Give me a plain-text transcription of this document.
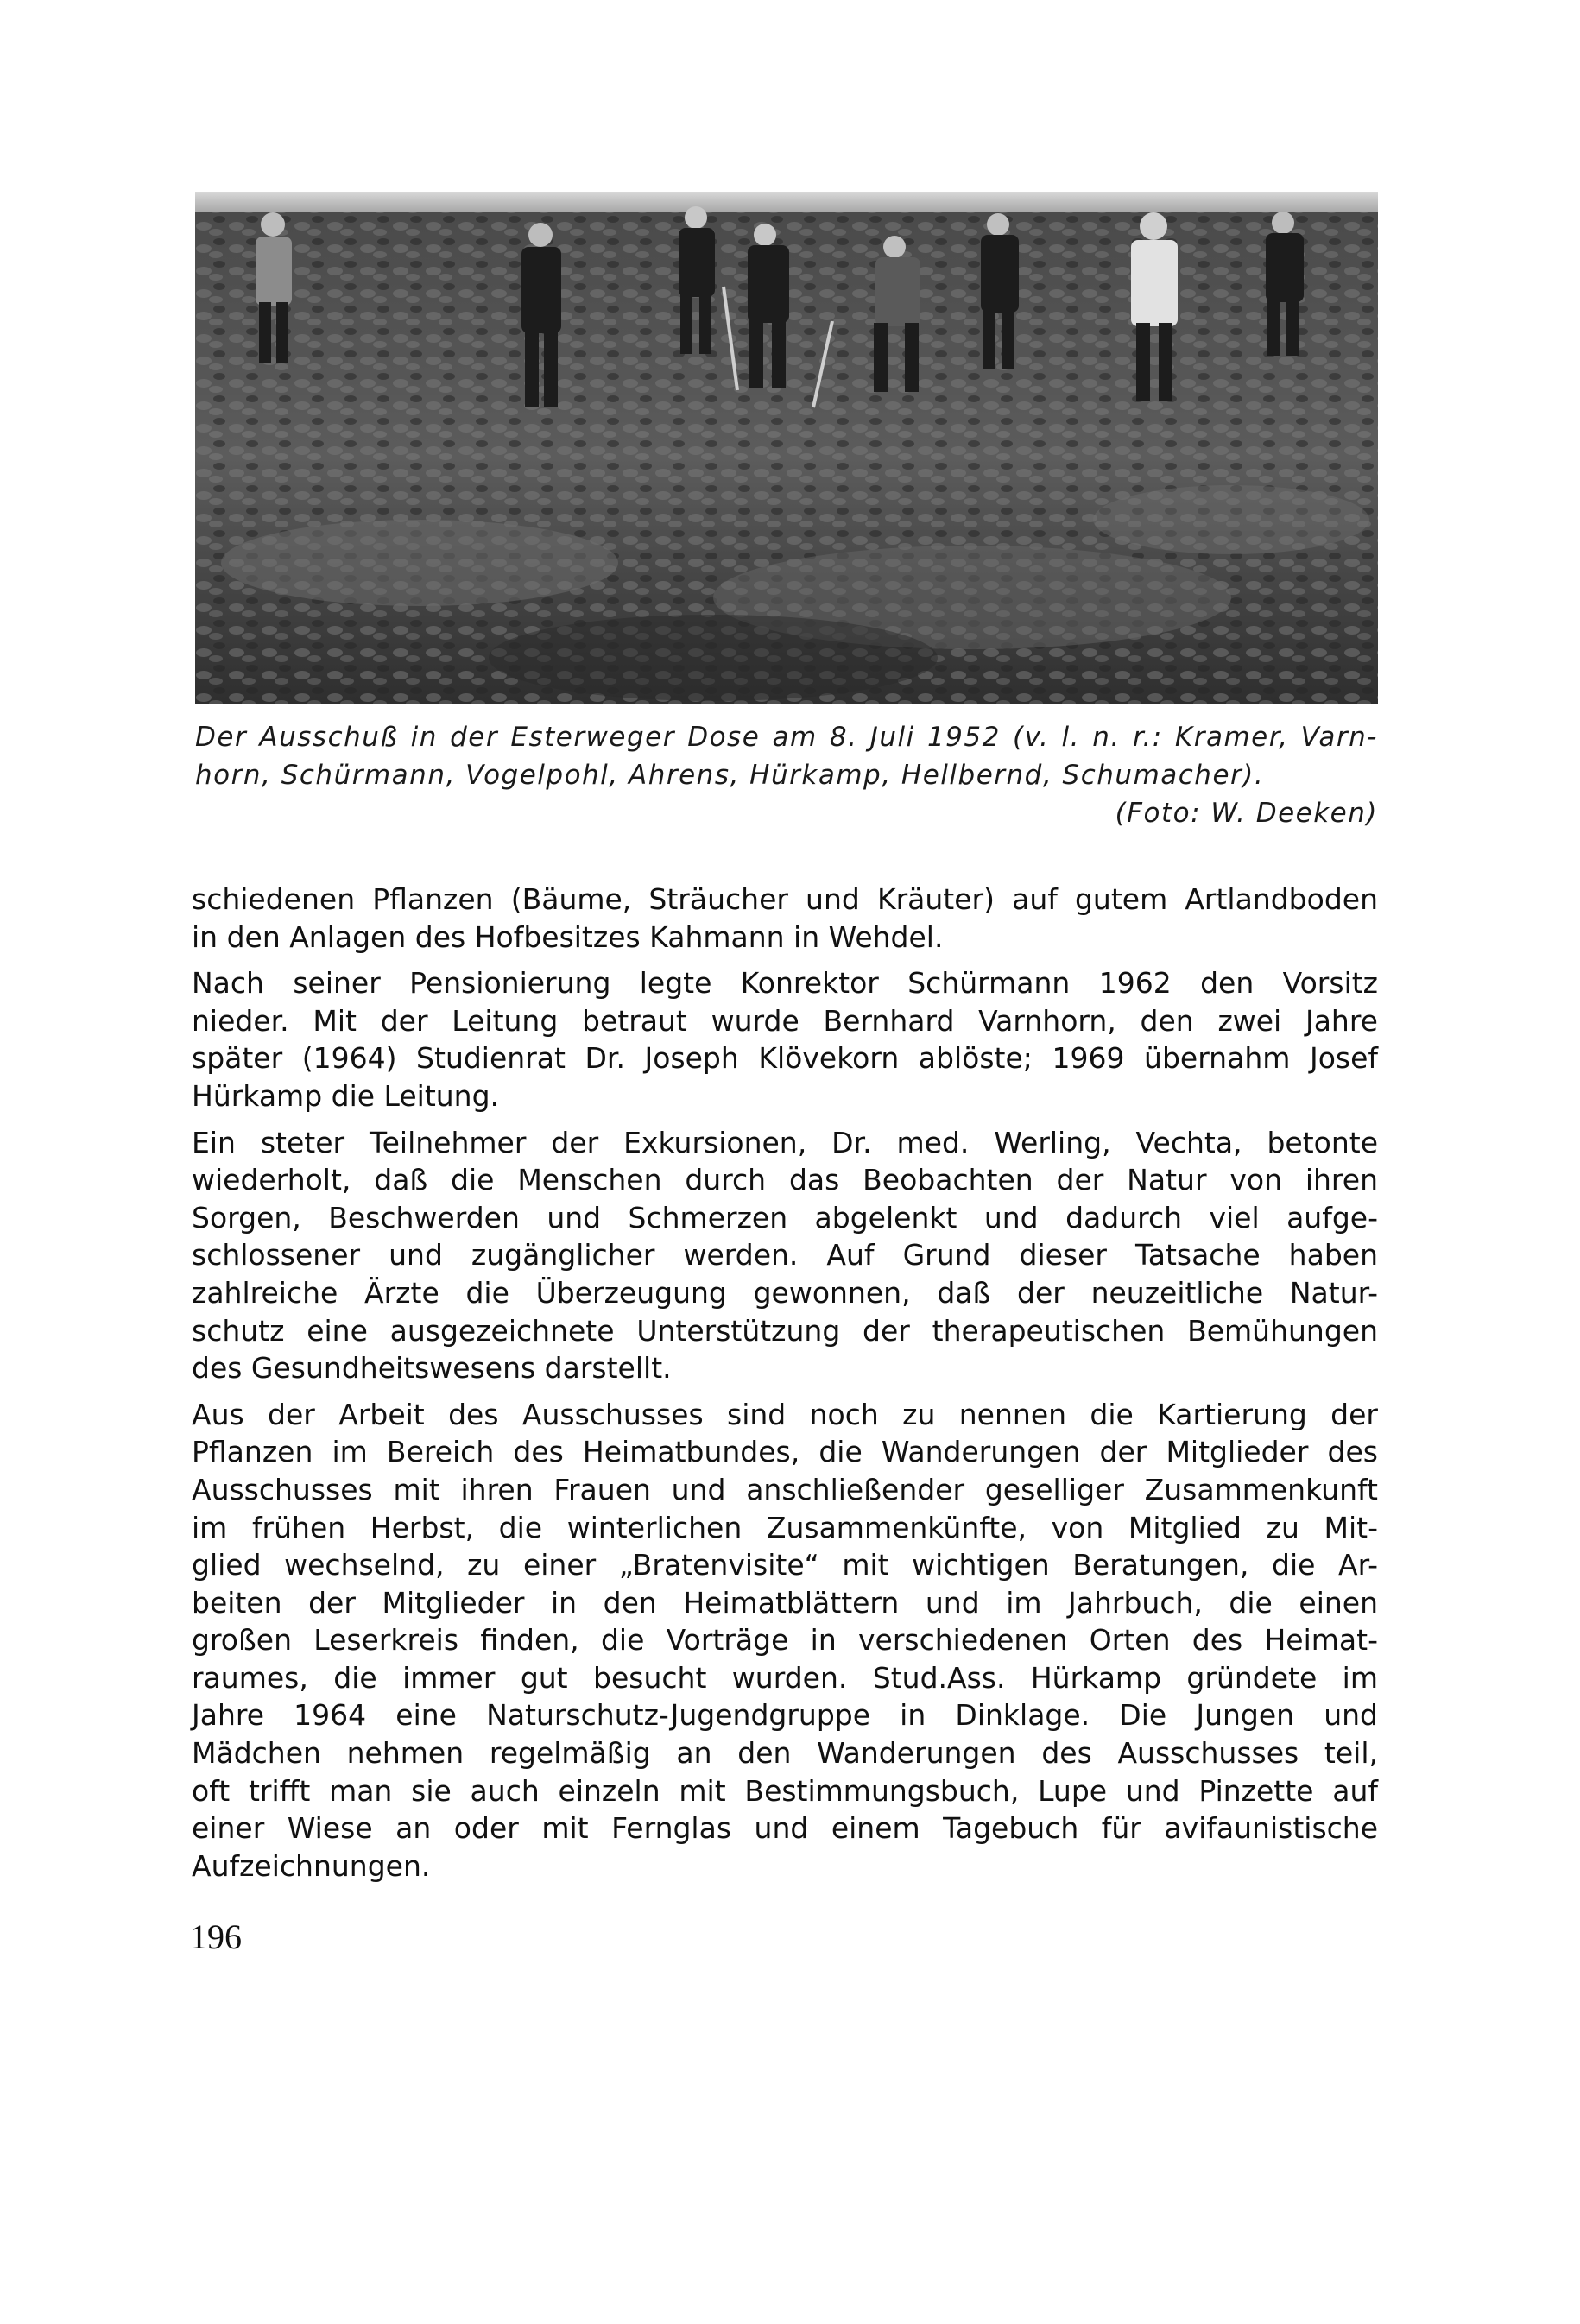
Der Ausschuß in der Esterweger Dose am 8. Juli 1952 (v. l. n. r.: Kramer, Varn-
horn, Schürmann, Vogelpohl, Ahrens, Hürkamp, Hellbernd, Schumacher).
(Foto: W. Deeken)
schiedenen Pflanzen (Bäume, Sträucher und Kräuter) auf gutem Artlandboden
in den Anlagen des Hofbesitzes Kahmann in Wehdel.
Nach seiner Pensionierung legte Konrektor Schürmann 1962 den Vorsitz
nieder. Mit der Leitung betraut wurde Bernhard Varnhorn, den zwei Jahre
später (1964) Studienrat Dr. Joseph Klövekorn ablöste; 1969 übernahm Josef
Hürkamp die Leitung.
Ein steter Teilnehmer der Exkursionen, Dr. med. Werling, Vechta, betonte
wiederholt, daß die Menschen durch das Beobachten der Natur von ihren
Sorgen, Beschwerden und Schmerzen abgelenkt und dadurch viel aufge-
schlossener und zugänglicher werden. Auf Grund dieser Tatsache haben
zahlreiche Ärzte die Überzeugung gewonnen, daß der neuzeitliche Natur-
schutz eine ausgezeichnete Unterstützung der therapeutischen Bemühungen
des Gesundheitswesens darstellt.
Aus der Arbeit des Ausschusses sind noch zu nennen die Kartierung der
Pflanzen im Bereich des Heimatbundes, die Wanderungen der Mitglieder des
Ausschusses mit ihren Frauen und anschließender geselliger Zusammenkunft
im frühen Herbst, die winterlichen Zusammenkünfte, von Mitglied zu Mit-
glied wechselnd, zu einer „Bratenvisite“ mit wichtigen Beratungen, die Ar-
beiten der Mitglieder in den Heimatblättern und im Jahrbuch, die einen
großen Leserkreis finden, die Vorträge in verschiedenen Orten des Heimat-
raumes, die immer gut besucht wurden. Stud.Ass. Hürkamp gründete im
Jahre 1964 eine Naturschutz-Jugendgruppe in Dinklage. Die Jungen und
Mädchen nehmen regelmäßig an den Wanderungen des Ausschusses teil,
oft trifft man sie auch einzeln mit Bestimmungsbuch, Lupe und Pinzette auf
einer Wiese an oder mit Fernglas und einem Tagebuch für avifaunistische
Aufzeichnungen.
196
